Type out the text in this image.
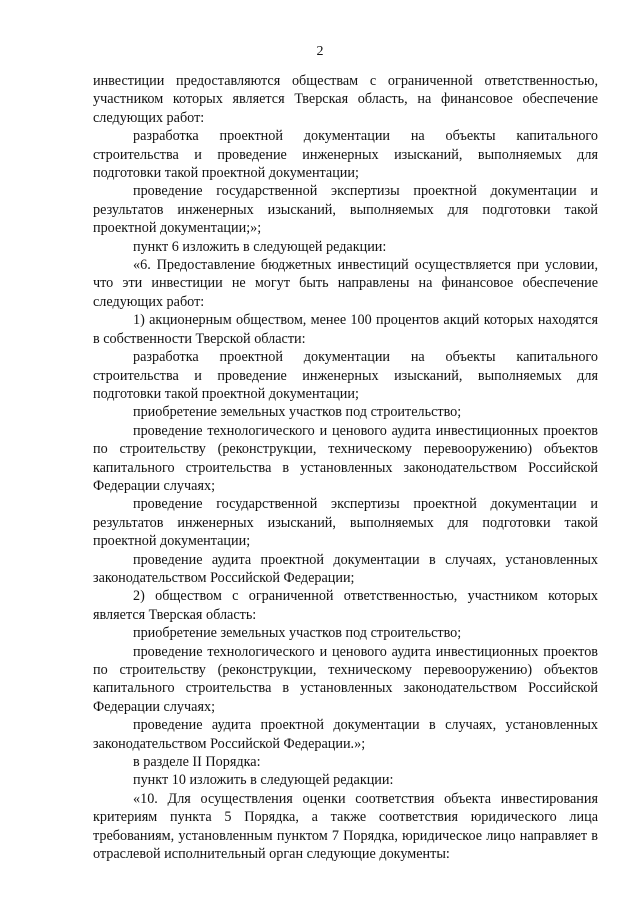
2

инвестиции предоставляются обществам с ограниченной ответственностью, участником которых является Тверская область, на финансовое обеспечение следующих работ:

разработка проектной документации на объекты капитального строительства и проведение инженерных изысканий, выполняемых для подготовки такой проектной документации;

проведение государственной экспертизы проектной документации и результатов инженерных изысканий, выполняемых для подготовки такой проектной документации;»;

пункт 6 изложить в следующей редакции:

«6. Предоставление бюджетных инвестиций осуществляется при условии, что эти инвестиции не могут быть направлены на финансовое обеспечение следующих работ:

1) акционерным обществом, менее 100 процентов акций которых находятся в собственности Тверской области:

разработка проектной документации на объекты капитального строительства и проведение инженерных изысканий, выполняемых для подготовки такой проектной документации;

приобретение земельных участков под строительство;

проведение технологического и ценового аудита инвестиционных проектов по строительству (реконструкции, техническому перевооружению) объектов капитального строительства в установленных законодательством Российской Федерации случаях;

проведение государственной экспертизы проектной документации и результатов инженерных изысканий, выполняемых для подготовки такой проектной документации;

проведение аудита проектной документации в случаях, установленных законодательством Российской Федерации;

2) обществом с ограниченной ответственностью, участником которых является Тверская область:

приобретение земельных участков под строительство;

проведение технологического и ценового аудита инвестиционных проектов по строительству (реконструкции, техническому перевооружению) объектов капитального строительства в установленных законодательством Российской Федерации случаях;

проведение аудита проектной документации в случаях, установленных законодательством Российской Федерации.»;

в разделе II Порядка:

пункт 10 изложить в следующей редакции:

«10. Для осуществления оценки соответствия объекта инвестирования критериям пункта 5 Порядка, а также соответствия юридического лица требованиям, установленным пунктом 7 Порядка, юридическое лицо направляет в отраслевой исполнительный орган следующие документы:
